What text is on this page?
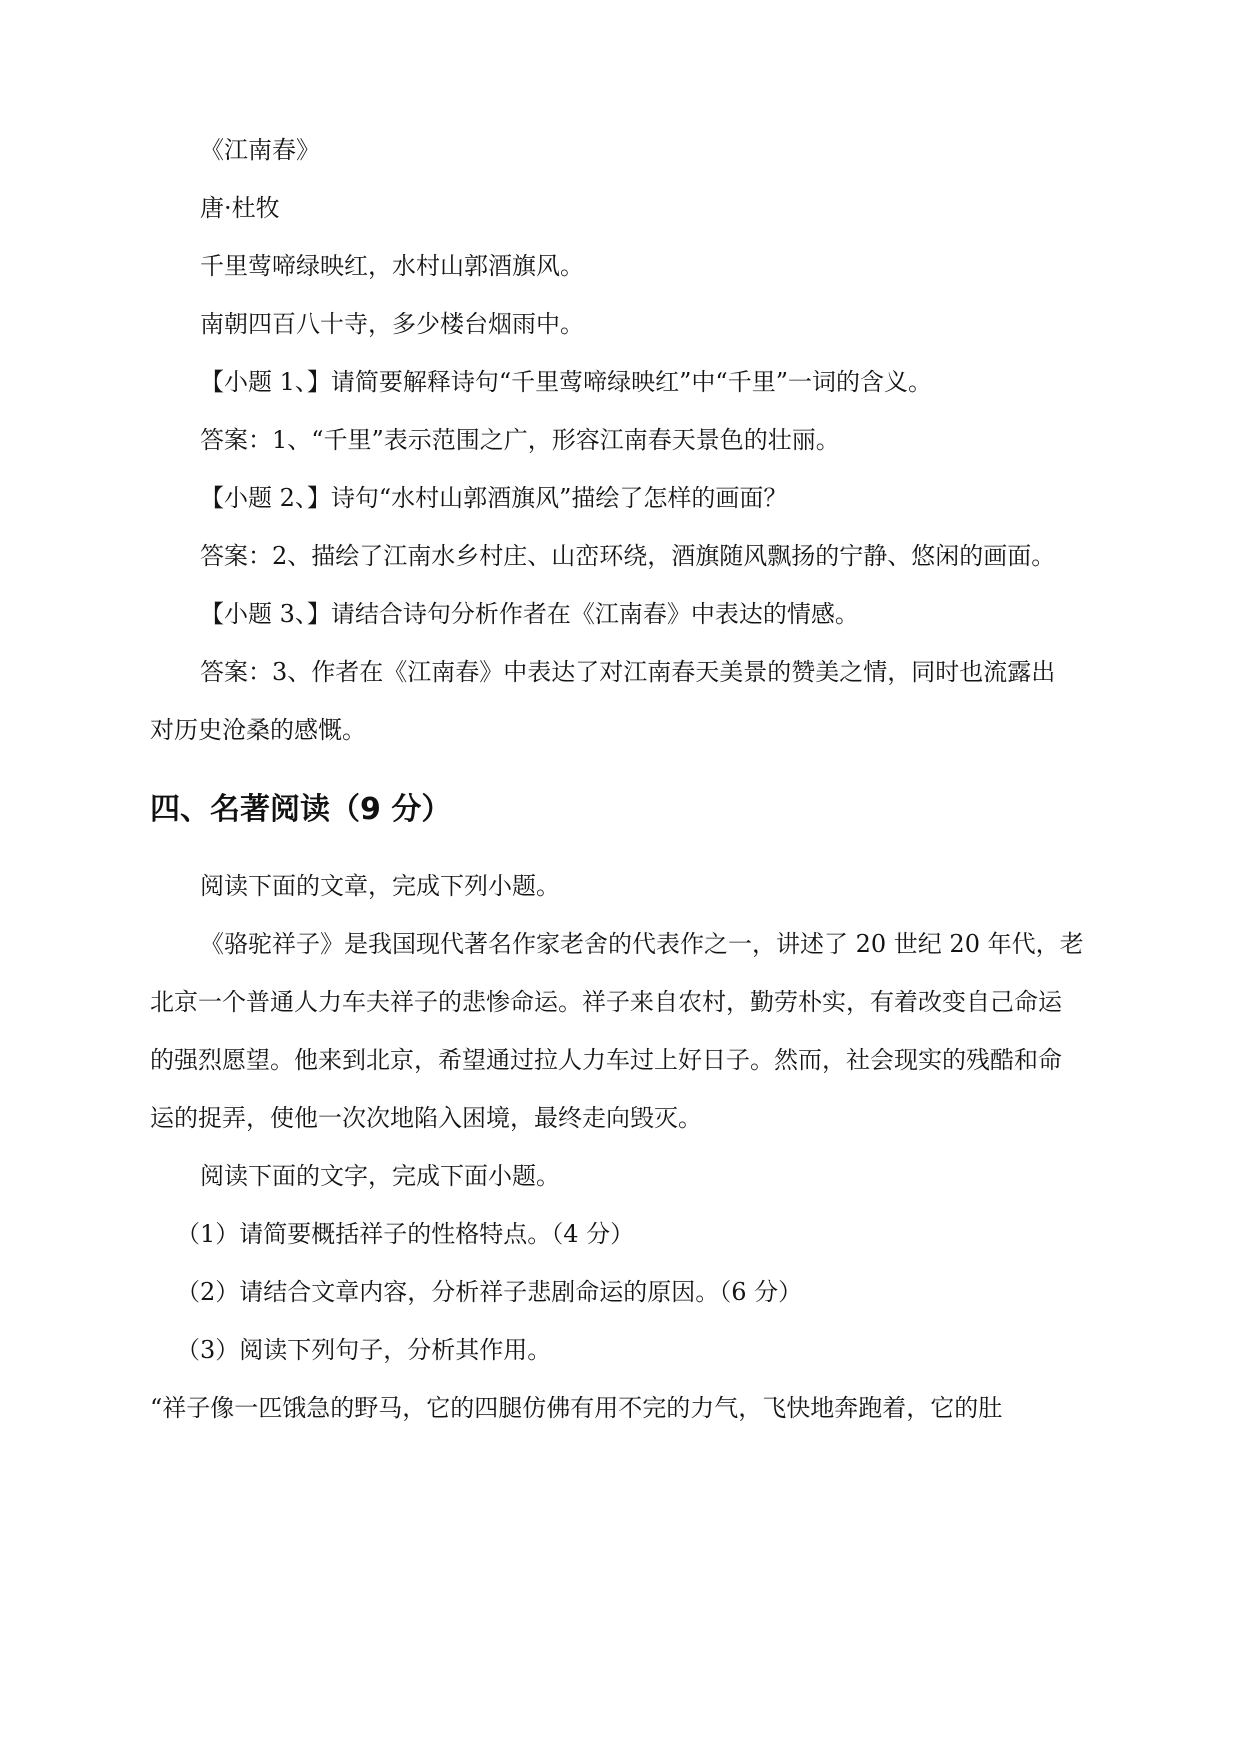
《江南春》
唐·杜牧
千里莺啼绿映红，水村山郭酒旗风。
南朝四百八十寺，多少楼台烟雨中。
【小题 1、】请简要解释诗句“千里莺啼绿映红”中“千里”一词的含义。
答案：1、“千里”表示范围之广，形容江南春天景色的壮丽。
【小题 2、】诗句“水村山郭酒旗风”描绘了怎样的画面？
答案：2、描绘了江南水乡村庄、山峦环绕，酒旗随风飘扬的宁静、悠闲的画面。
【小题 3、】请结合诗句分析作者在《江南春》中表达的情感。
答案：3、作者在《江南春》中表达了对江南春天美景的赞美之情，同时也流露出
对历史沧桑的感慨。
四、名著阅读（9 分）
阅读下面的文章，完成下列小题。
《骆驼祥子》是我国现代著名作家老舍的代表作之一，讲述了 20 世纪 20 年代，老
北京一个普通人力车夫祥子的悲惨命运。祥子来自农村，勤劳朴实，有着改变自己命运
的强烈愿望。他来到北京，希望通过拉人力车过上好日子。然而，社会现实的残酷和命
运的捉弄，使他一次次地陷入困境，最终走向毁灭。
阅读下面的文字，完成下面小题。
（1）请简要概括祥子的性格特点。（4 分）
（2）请结合文章内容，分析祥子悲剧命运的原因。（6 分）
（3）阅读下列句子，分析其作用。
“祥子像一匹饿急的野马，它的四腿仿佛有用不完的力气，飞快地奔跑着，它的肚
